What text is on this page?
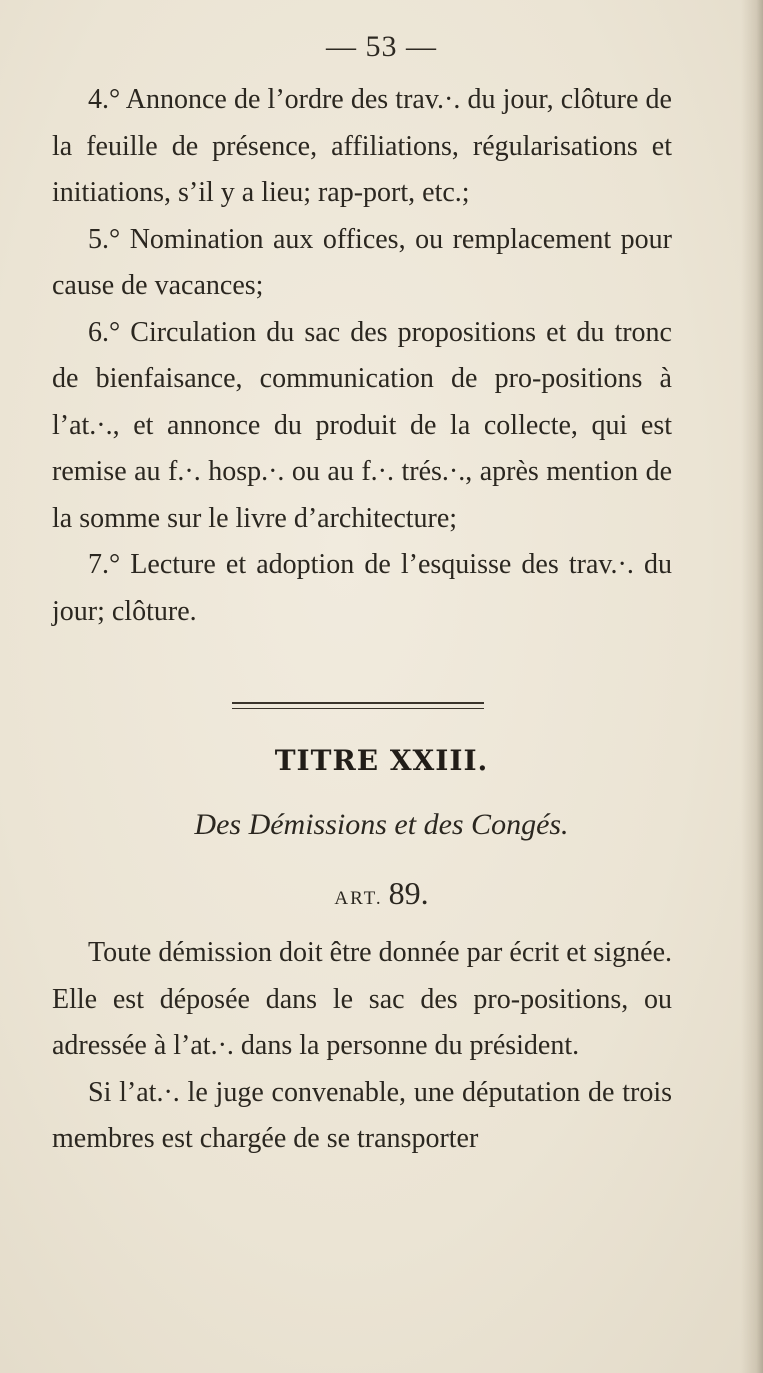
— 53 —

4.° Annonce de l’ordre des trav.·. du jour, clôture de la feuille de présence, affiliations, régularisations et initiations, s’il y a lieu; rap-port, etc.;

5.° Nomination aux offices, ou remplacement pour cause de vacances;

6.° Circulation du sac des propositions et du tronc de bienfaisance, communication de pro-positions à l’at.·., et annonce du produit de la collecte, qui est remise au f.·. hosp.·. ou au f.·. trés.·., après mention de la somme sur le livre d’architecture;

7.° Lecture et adoption de l’esquisse des trav.·. du jour; clôture.

TITRE XXIII.
Des Démissions et des Congés.
ART. 89.

Toute démission doit être donnée par écrit et signée. Elle est déposée dans le sac des pro-positions, ou adressée à l’at.·. dans la personne du président.

Si l’at.·. le juge convenable, une députation de trois membres est chargée de se transporter
